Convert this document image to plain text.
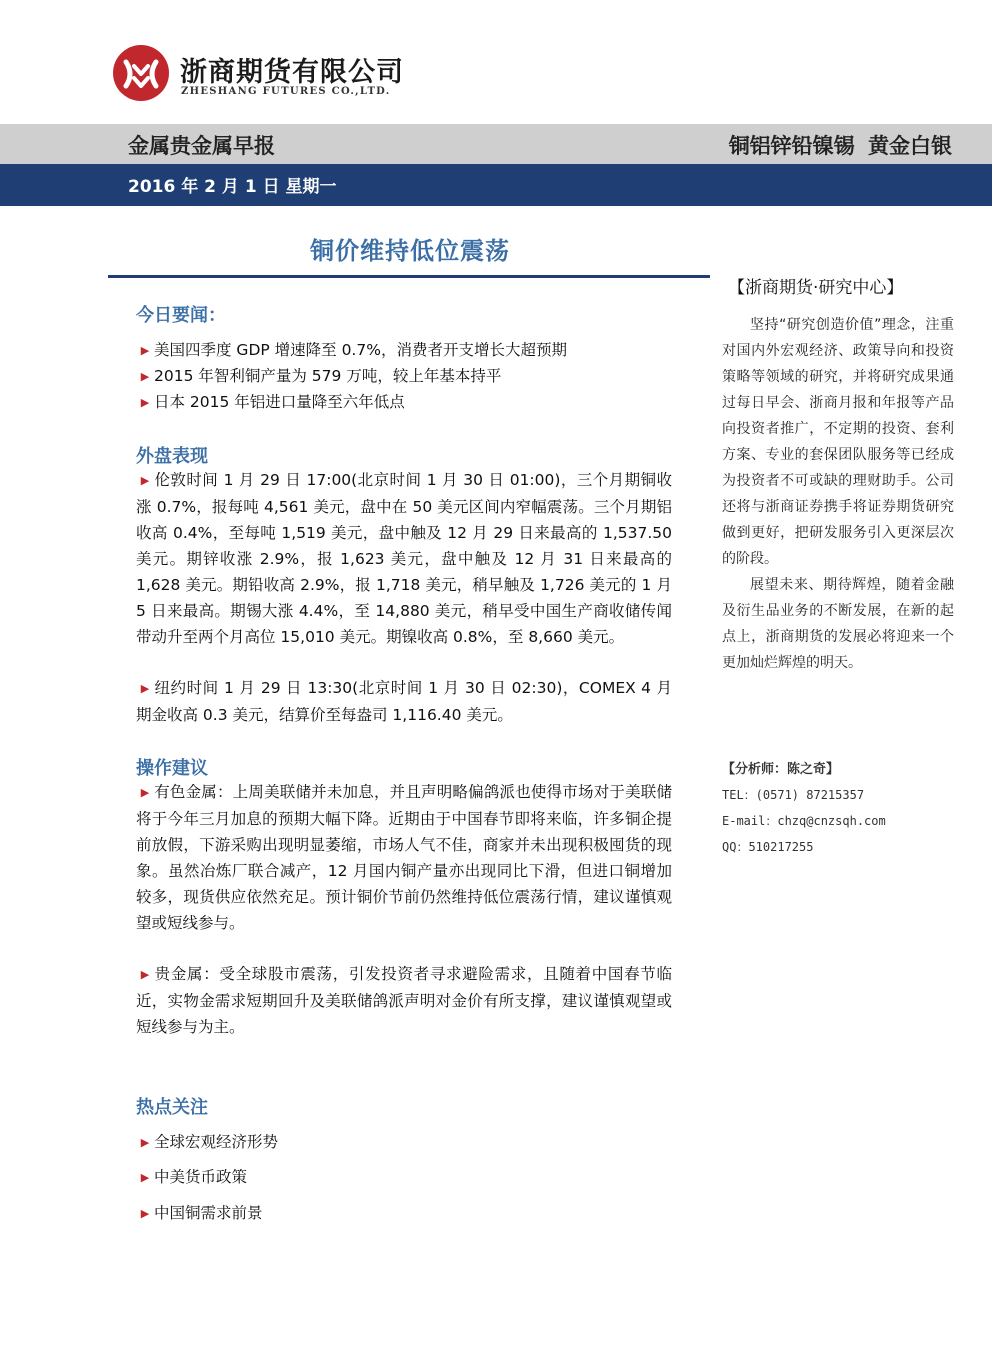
浙商期货有限公司
ZHESHANG FUTURES CO.,LTD.
金属贵金属早报	铜铝锌铅镍锡 黄金白银
2016 年 2 月 1 日 星期一
铜价维持低位震荡
今日要闻：
▶ 美国四季度 GDP 增速降至 0.7%，消费者开支增长大超预期
▶ 2015 年智利铜产量为 579 万吨，较上年基本持平
▶ 日本 2015 年铝进口量降至六年低点
外盘表现
▶ 伦敦时间 1 月 29 日 17:00(北京时间 1 月 30 日 01:00)，三个月期铜收涨 0.7%，报每吨 4,561 美元，盘中在 50 美元区间内窄幅震荡。三个月期铝收高 0.4%，至每吨 1,519 美元，盘中触及 12 月 29 日来最高的 1,537.50 美元。期锌收涨 2.9%，报 1,623 美元，盘中触及 12 月 31 日来最高的 1,628 美元。期铅收高 2.9%，报 1,718 美元，稍早触及 1,726 美元的 1 月 5 日来最高。期锡大涨 4.4%，至 14,880 美元，稍早受中国生产商收储传闻带动升至两个月高位 15,010 美元。期镍收高 0.8%，至 8,660 美元。
▶ 纽约时间 1 月 29 日 13:30(北京时间 1 月 30 日 02:30)，COMEX 4 月期金收高 0.3 美元，结算价至每盎司 1,116.40 美元。
操作建议
▶ 有色金属：上周美联储并未加息，并且声明略偏鸽派也使得市场对于美联储将于今年三月加息的预期大幅下降。近期由于中国春节即将来临，许多铜企提前放假，下游采购出现明显萎缩，市场人气不佳，商家并未出现积极囤货的现象。虽然冶炼厂联合减产，12 月国内铜产量亦出现同比下滑，但进口铜增加较多，现货供应依然充足。预计铜价节前仍然维持低位震荡行情，建议谨慎观望或短线参与。
▶ 贵金属：受全球股市震荡，引发投资者寻求避险需求，且随着中国春节临近，实物金需求短期回升及美联储鸽派声明对金价有所支撑，建议谨慎观望或短线参与为主。
热点关注
▶ 全球宏观经济形势
▶ 中美货币政策
▶ 中国铜需求前景
【浙商期货·研究中心】

坚持“研究创造价值”理念，注重对国内外宏观经济、政策导向和投资策略等领域的研究，并将研究成果通过每日早会、浙商月报和年报等产品向投资者推广，不定期的投资、套利方案、专业的套保团队服务等已经成为投资者不可或缺的理财助手。公司还将与浙商证券携手将证券期货研究做到更好，把研发服务引入更深层次的阶段。

展望未来、期待辉煌，随着金融及衍生品业务的不断发展，在新的起点上，浙商期货的发展必将迎来一个更加灿烂辉煌的明天。

【分析师：陈之奇】
TEL：(0571) 87215357
E-mail：chzq@cnzsqh.com
QQ：510217255
